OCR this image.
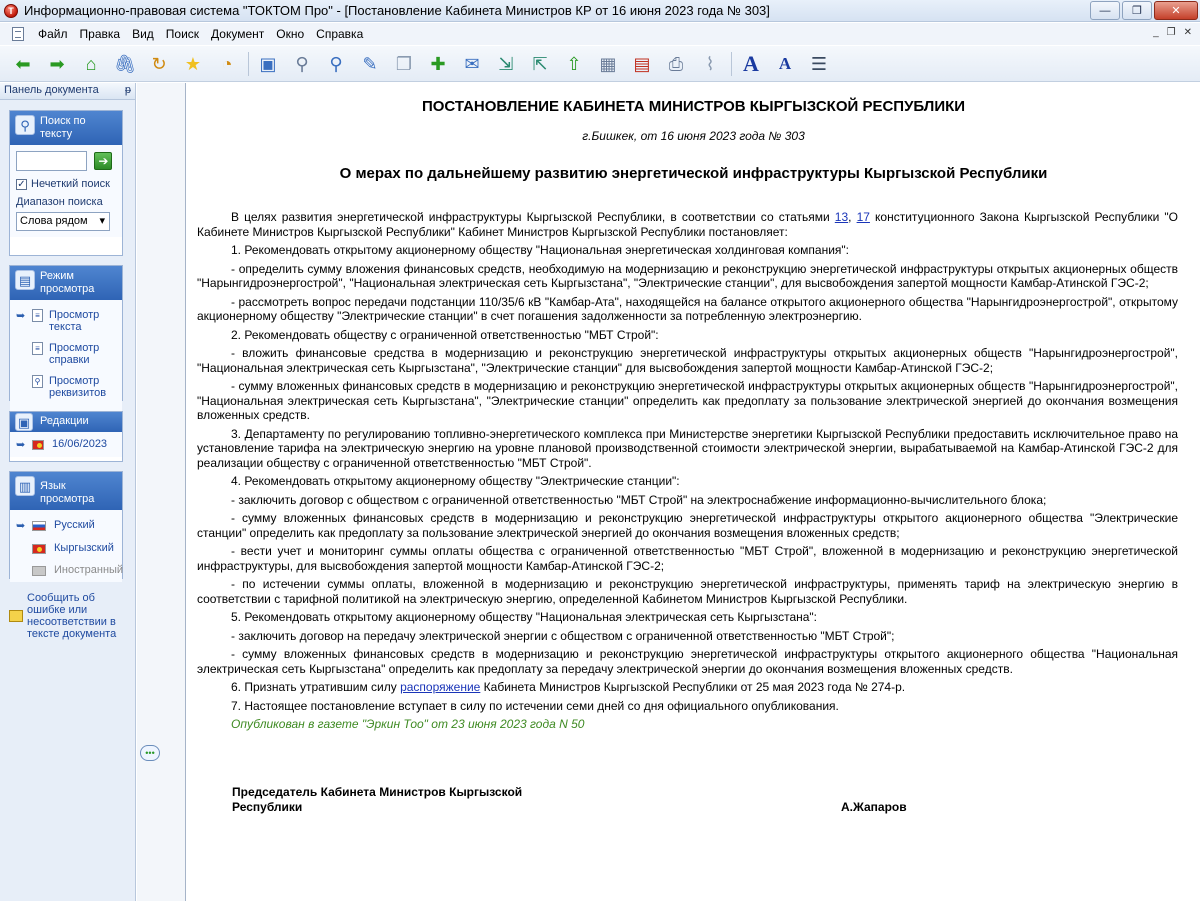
T Информационно-правовая система "ТОКТОМ Про" - [Постановление Кабинета Министров КР от 16 июня 2023 года № 303]	—	❐	✕
Файл	Правка	Вид	Поиск	Документ	Окно	Справка	_ ❐ ✕
⬅	➡	⌂ 🖇 ↻	★	◔	▣	⚲	⚲	✎	❐	✚	✉	⇲	⇱	⇧ ▦ ▤	⎙	⌇	A	A	☰
Панель документа ᵽ
⚲ Поиск по тексту
➔
✓ Нечеткий поиск
Диапазон поиска
Слова рядом ▾
▤ Режим просмотра
➥	≡ Просмотр текста
≡ Просмотр справки
⚲ Просмотр реквизитов
▣ Редакции
➥	16/06/2023
▥ Язык просмотра
➥	Русский
Кыргызский
Иностранный
Сообщить об ошибке или несоответствии в тексте документа
•••
ПОСТАНОВЛЕНИЕ КАБИНЕТА МИНИСТРОВ КЫРГЫЗСКОЙ РЕСПУБЛИКИ
г.Бишкек, от 16 июня 2023 года № 303
О мерах по дальнейшему развитию энергетической инфраструктуры Кыргызской Республики

В целях развития энергетической инфраструктуры Кыргызской Республики, в соответствии со статьями 13, 17 конституционного Закона Кыргызской Республики "О Кабинете Министров Кыргызской Республики" Кабинет Министров Кыргызской Республики постановляет:

1. Рекомендовать открытому акционерному обществу "Национальная энергетическая холдинговая компания":

- определить сумму вложения финансовых средств, необходимую на модернизацию и реконструкцию энергетической инфраструктуры открытых акционерных обществ "Нарынгидроэнергострой", "Национальная электрическая сеть Кыргызстана", "Электрические станции", для высвобождения запертой мощности Камбар-Атинской ГЭС-2;

- рассмотреть вопрос передачи подстанции 110/35/6 кВ "Камбар-Ата", находящейся на балансе открытого акционерного общества "Нарынгидроэнергострой", открытому акционерному обществу "Электрические станции" в счет погашения задолженности за потребленную электроэнергию.

2. Рекомендовать обществу с ограниченной ответственностью "МБТ Строй":

- вложить финансовые средства в модернизацию и реконструкцию энергетической инфраструктуры открытых акционерных обществ "Нарынгидроэнергострой", "Национальная электрическая сеть Кыргызстана", "Электрические станции" для высвобождения запертой мощности Камбар-Атинской ГЭС-2;

- сумму вложенных финансовых средств в модернизацию и реконструкцию энергетической инфраструктуры открытых акционерных обществ "Нарынгидроэнергострой", "Национальная электрическая сеть Кыргызстана", "Электрические станции" определить как предоплату за пользование электрической энергией до окончания возмещения вложенных средств.

3. Департаменту по регулированию топливно-энергетического комплекса при Министерстве энергетики Кыргызской Республики предоставить исключительное право на установление тарифа на электрическую энергию на уровне плановой производственной стоимости электрической энергии, вырабатываемой на Камбар-Атинской ГЭС-2 для реализации обществу с ограниченной ответственностью "МБТ Строй".

4. Рекомендовать открытому акционерному обществу "Электрические станции":

- заключить договор с обществом с ограниченной ответственностью "МБТ Строй" на электроснабжение информационно-вычислительного блока;

- сумму вложенных финансовых средств в модернизацию и реконструкцию энергетической инфраструктуры открытого акционерного общества "Электрические станции" определить как предоплату за пользование электрической энергией до окончания возмещения вложенных средств;

- вести учет и мониторинг суммы оплаты общества с ограниченной ответственностью "МБТ Строй", вложенной в модернизацию и реконструкцию энергетической инфраструктуры, для высвобождения запертой мощности Камбар-Атинской ГЭС-2;

- по истечении суммы оплаты, вложенной в модернизацию и реконструкцию энергетической инфраструктуры, применять тариф на электрическую энергию в соответствии с тарифной политикой на электрическую энергию, определенной Кабинетом Министров Кыргызской Республики.

5. Рекомендовать открытому акционерному обществу "Национальная электрическая сеть Кыргызстана":

- заключить договор на передачу электрической энергии с обществом с ограниченной ответственностью "МБТ Строй";

- сумму вложенных финансовых средств в модернизацию и реконструкцию энергетической инфраструктуры открытого акционерного общества "Национальная электрическая сеть Кыргызстана" определить как предоплату за передачу электрической энергии до окончания возмещения вложенных средств.

6. Признать утратившим силу распоряжение Кабинета Министров Кыргызской Республики от 25 мая 2023 года № 274-р.

7. Настоящее постановление вступает в силу по истечении семи дней со дня официального опубликования.

Опубликован в газете "Эркин Тоо" от 23 июня 2023 года N 50
Председатель Кабинета Министров Кыргызской Республики	А.Жапаров
